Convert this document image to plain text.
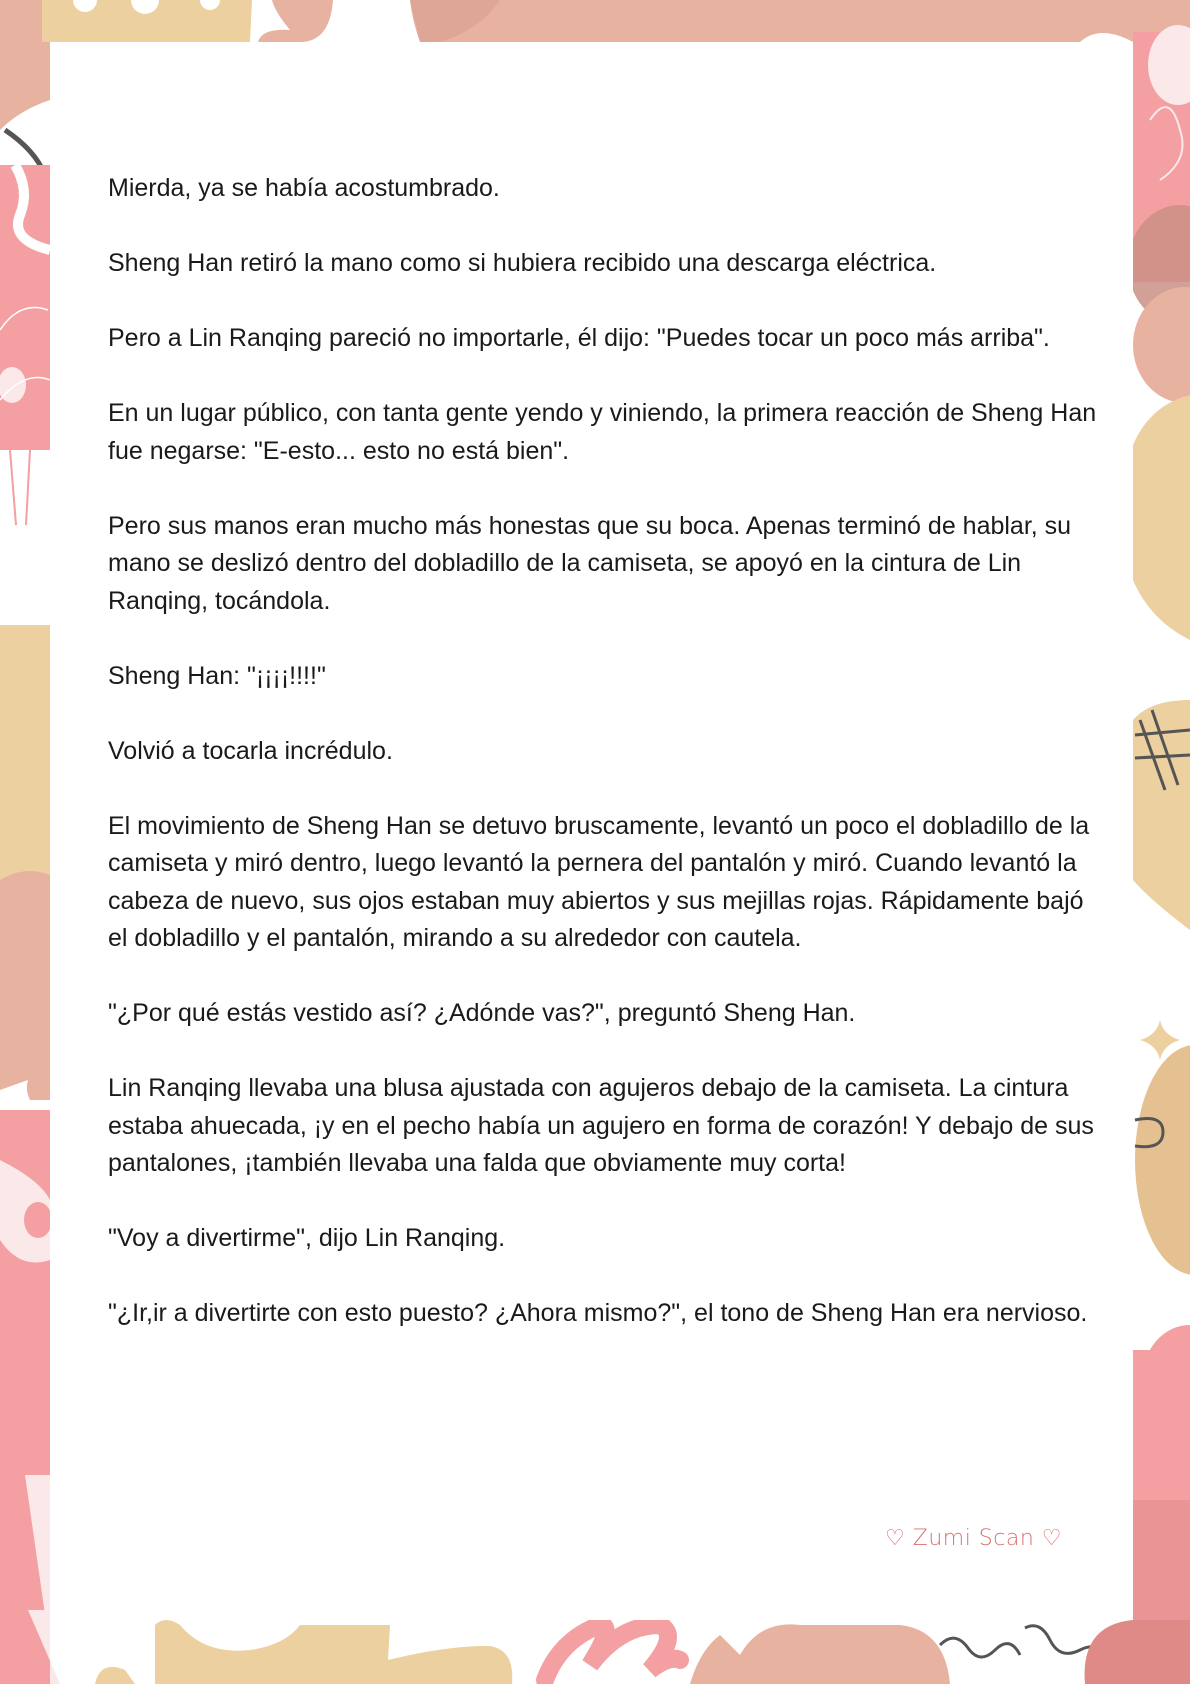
Mierda, ya se había acostumbrado.

Sheng Han retiró la mano como si hubiera recibido una descarga eléctrica.

Pero a Lin Ranqing pareció no importarle, él dijo: "Puedes tocar un poco más arriba".

En un lugar público, con tanta gente yendo y viniendo, la primera reacción de Sheng Han fue negarse: "E-esto... esto no está bien".

Pero sus manos eran mucho más honestas que su boca. Apenas terminó de hablar, su mano se deslizó dentro del dobladillo de la camiseta, se apoyó en la cintura de Lin Ranqing, tocándola.

Sheng Han: "¡¡¡¡!!!!"

Volvió a tocarla incrédulo.

El movimiento de Sheng Han se detuvo bruscamente, levantó un poco el dobladillo de la camiseta y miró dentro, luego levantó la pernera del pantalón y miró. Cuando levantó la cabeza de nuevo, sus ojos estaban muy abiertos y sus mejillas rojas. Rápidamente bajó el dobladillo y el pantalón, mirando a su alrededor con cautela.

"¿Por qué estás vestido así? ¿Adónde vas?", preguntó Sheng Han.

Lin Ranqing llevaba una blusa ajustada con agujeros debajo de la camiseta. La cintura estaba ahuecada, ¡y en el pecho había un agujero en forma de corazón! Y debajo de sus pantalones, ¡también llevaba una falda que obviamente muy corta!

"Voy a divertirme", dijo Lin Ranqing.

"¿Ir,ir a divertirte con esto puesto? ¿Ahora mismo?", el tono de Sheng Han era nervioso.

♡ Zumi Scan ♡
